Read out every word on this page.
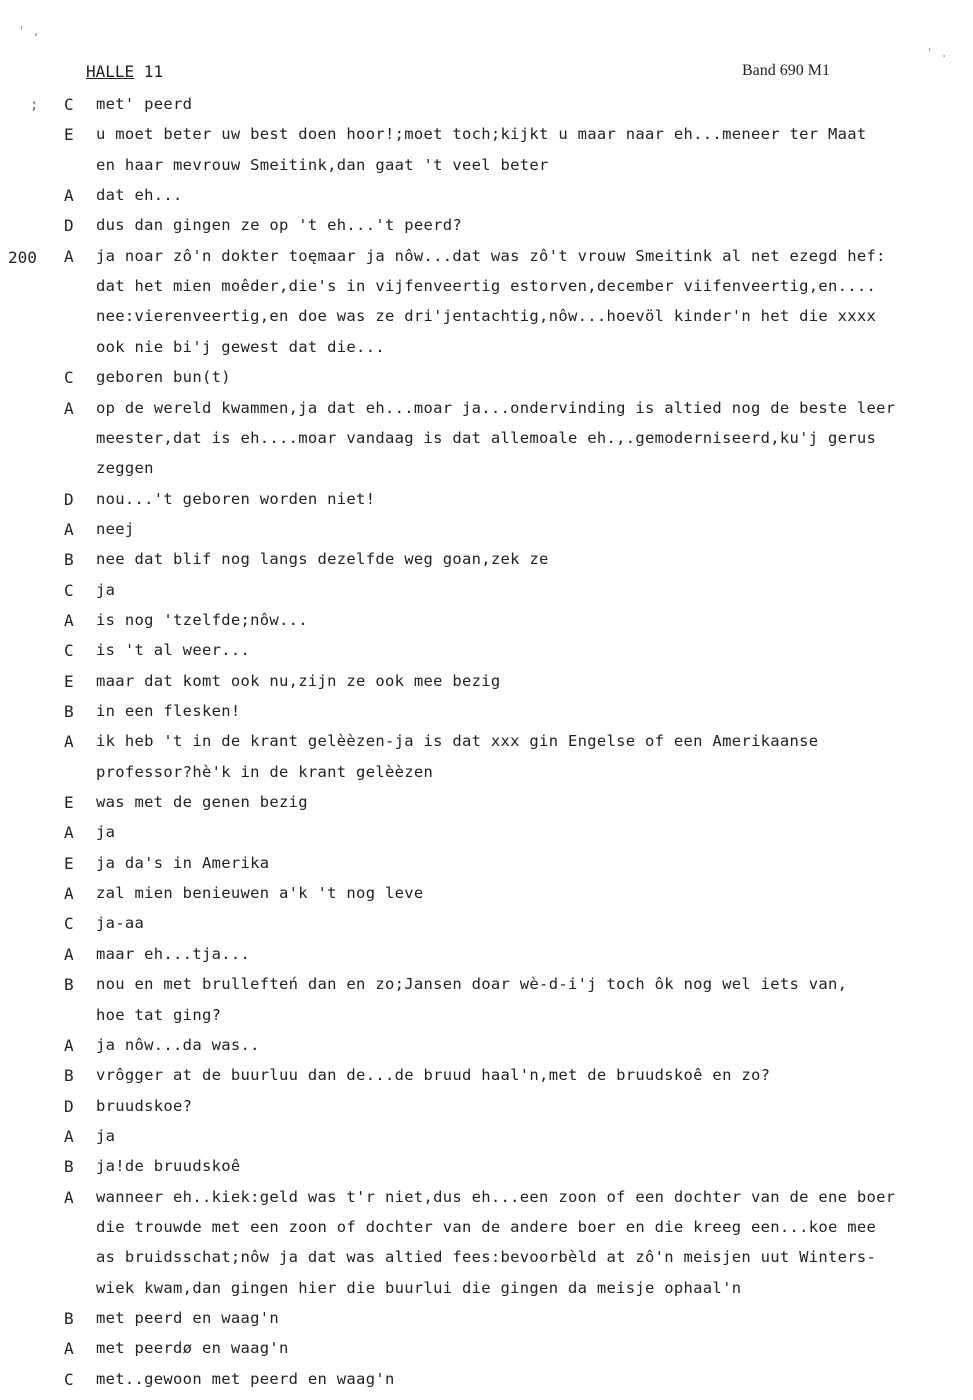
' ,
' .
;
HALLE 11	Band 690 M1
200
C	met' peerd
E	u moet beter uw best doen hoor!;moet toch;kijkt u maar naar eh...meneer ter Maat
en haar mevrouw Smeitink,dan gaat 't veel beter
A	dat eh...
D	dus dan gingen ze op 't eh...'t peerd?
A	ja noar zô'n dokter toęmaar ja nôw...dat was zô't vrouw Smeitink al net ezegd hef:
dat het mien moêder,die's in vijfenveertig estorven,december viifenveertig,en....
nee:vierenveertig,en doe was ze dri'jentachtig,nôw...hoevöl kinder'n het die xxxx
ook nie bi'j gewest dat die...
C	geboren bun(t)
A	op de wereld kwammen,ja dat eh...moar ja...ondervinding is altied nog de beste leer
meester,dat is eh....moar vandaag is dat allemoale eh.,.gemoderniseerd,ku'j gerus
zeggen
D	nou...'t geboren worden niet!
A	neej
B	nee dat blif nog langs dezelfde weg goan,zek ze
C	ja
A	is nog 'tzelfde;nôw...
C	is 't al weer...
E	maar dat komt ook nu,zijn ze ook mee bezig
B	in een flesken!
A	ik heb 't in de krant gelèèzen-ja is dat xxx gin Engelse of een Amerikaanse
professor?hè'k in de krant gelèèzen
E	was met de genen bezig
A	ja
E	ja da's in Amerika
A	zal mien benieuwen a'k 't nog leve
C	ja-aa
A	maar eh...tja...
B	nou en met brullefteń dan en zo;Jansen doar wè-d-i'j toch ôk nog wel iets van,
hoe tat ging?
A	ja nôw...da was..
B	vrôgger at de buurluu dan de...de bruud haal'n,met de bruudskoê en zo?
D	bruudskoe?
A	ja
B	ja!de bruudskoê
A	wanneer eh..kiek:geld was t'r niet,dus eh...een zoon of een dochter van de ene boer
die trouwde met een zoon of dochter van de andere boer en die kreeg een...koe mee
as bruidsschat;nôw ja dat was altied fees:bevoorbèld at zô'n meisjen uut Winters-
wiek kwam,dan gingen hier die buurlui die gingen da meisje ophaal'n
B	met peerd en waag'n
A	met peerdø en waag'n
C	met..gewoon met peerd en waag'n
